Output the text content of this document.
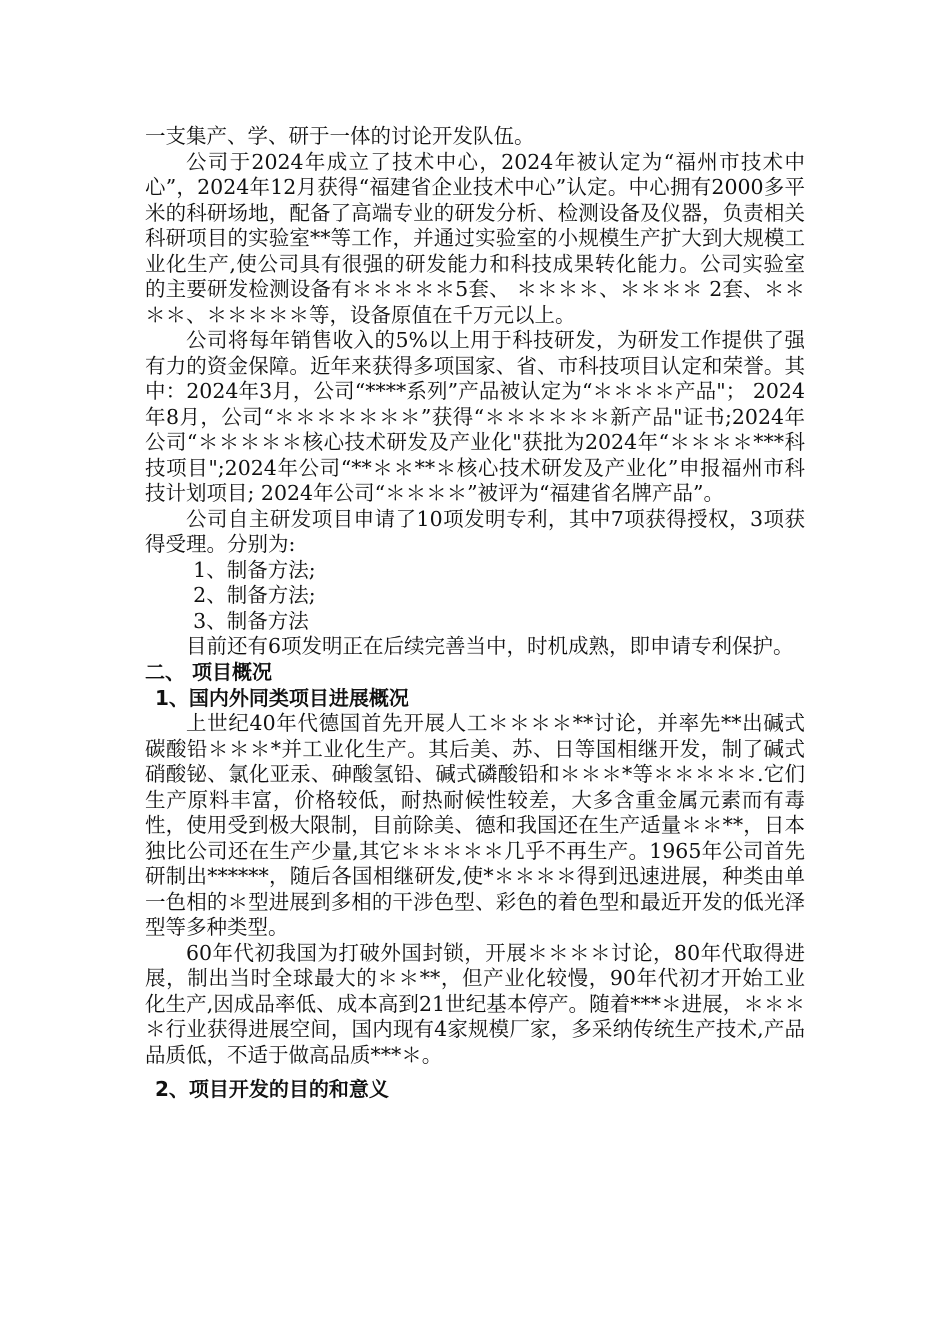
一支集产、学、研于一体的讨论开发队伍。

公司于2024年成立了技术中心，2024年被认定为“福州市技术中心”，2024年12月获得“福建省企业技术中心”认定。中心拥有2000多平米的科研场地，配备了高端专业的研发分析、检测设备及仪器，负责相关科研项目的实验室**等工作，并通过实验室的小规模生产扩大到大规模工业化生产,使公司具有很强的研发能力和科技成果转化能力。公司实验室的主要研发检测设备有＊＊＊＊＊5套、 ＊＊＊＊、＊＊＊＊ 2套、＊＊＊＊、＊＊＊＊＊等，设备原值在千万元以上。

公司将每年销售收入的5%以上用于科技研发，为研发工作提供了强有力的资金保障。近年来获得多项国家、省、市科技项目认定和荣誉。其中：2024年3月，公司“****系列”产品被认定为“＊＊＊＊产品"； 2024年8月，公司“＊＊＊＊＊＊＊”获得“＊＊＊＊＊＊新产品"证书;2024年 公司“＊＊＊＊＊核心技术研发及产业化"获批为2024年“＊＊＊＊***科技项目";2024年公司“**＊＊**＊核心技术研发及产业化”申报福州市科技计划项目; 2024年公司“＊＊＊＊”被评为“福建省名牌产品”。

公司自主研发项目申请了10项发明专利，其中7项获得授权，3项获得受理。分别为:

1、制备方法;

2、制备方法;

3、制备方法

目前还有6项发明正在后续完善当中，时机成熟，即申请专利保护。

二、 项目概况

1、国内外同类项目进展概况

上世纪40年代德国首先开展人工＊＊＊＊**讨论，并率先**出碱式碳酸铅＊＊＊*并工业化生产。其后美、苏、日等国相继开发，制了碱式硝酸铋、氯化亚汞、砷酸氢铅、碱式磷酸铅和＊＊＊*等＊＊＊＊＊.它们生产原料丰富，价格较低，耐热耐候性较差，大多含重金属元素而有毒性，使用受到极大限制，目前除美、德和我国还在生产适量＊＊**，日本独比公司还在生产少量,其它＊＊＊＊＊几乎不再生产。1965年公司首先研制出******，随后各国相继研发,使*＊＊＊＊得到迅速进展，种类由单一色相的＊型进展到多相的干涉色型、彩色的着色型和最近开发的低光泽型等多种类型。

60年代初我国为打破外国封锁，开展＊＊＊＊讨论，80年代取得进展，制出当时全球最大的＊＊**，但产业化较慢，90年代初才开始工业化生产,因成品率低、成本高到21世纪基本停产。随着***＊进展，＊＊＊＊行业获得进展空间，国内现有4家规模厂家，多采纳传统生产技术,产品品质低，不适于做高品质***＊。

2、项目开发的目的和意义
